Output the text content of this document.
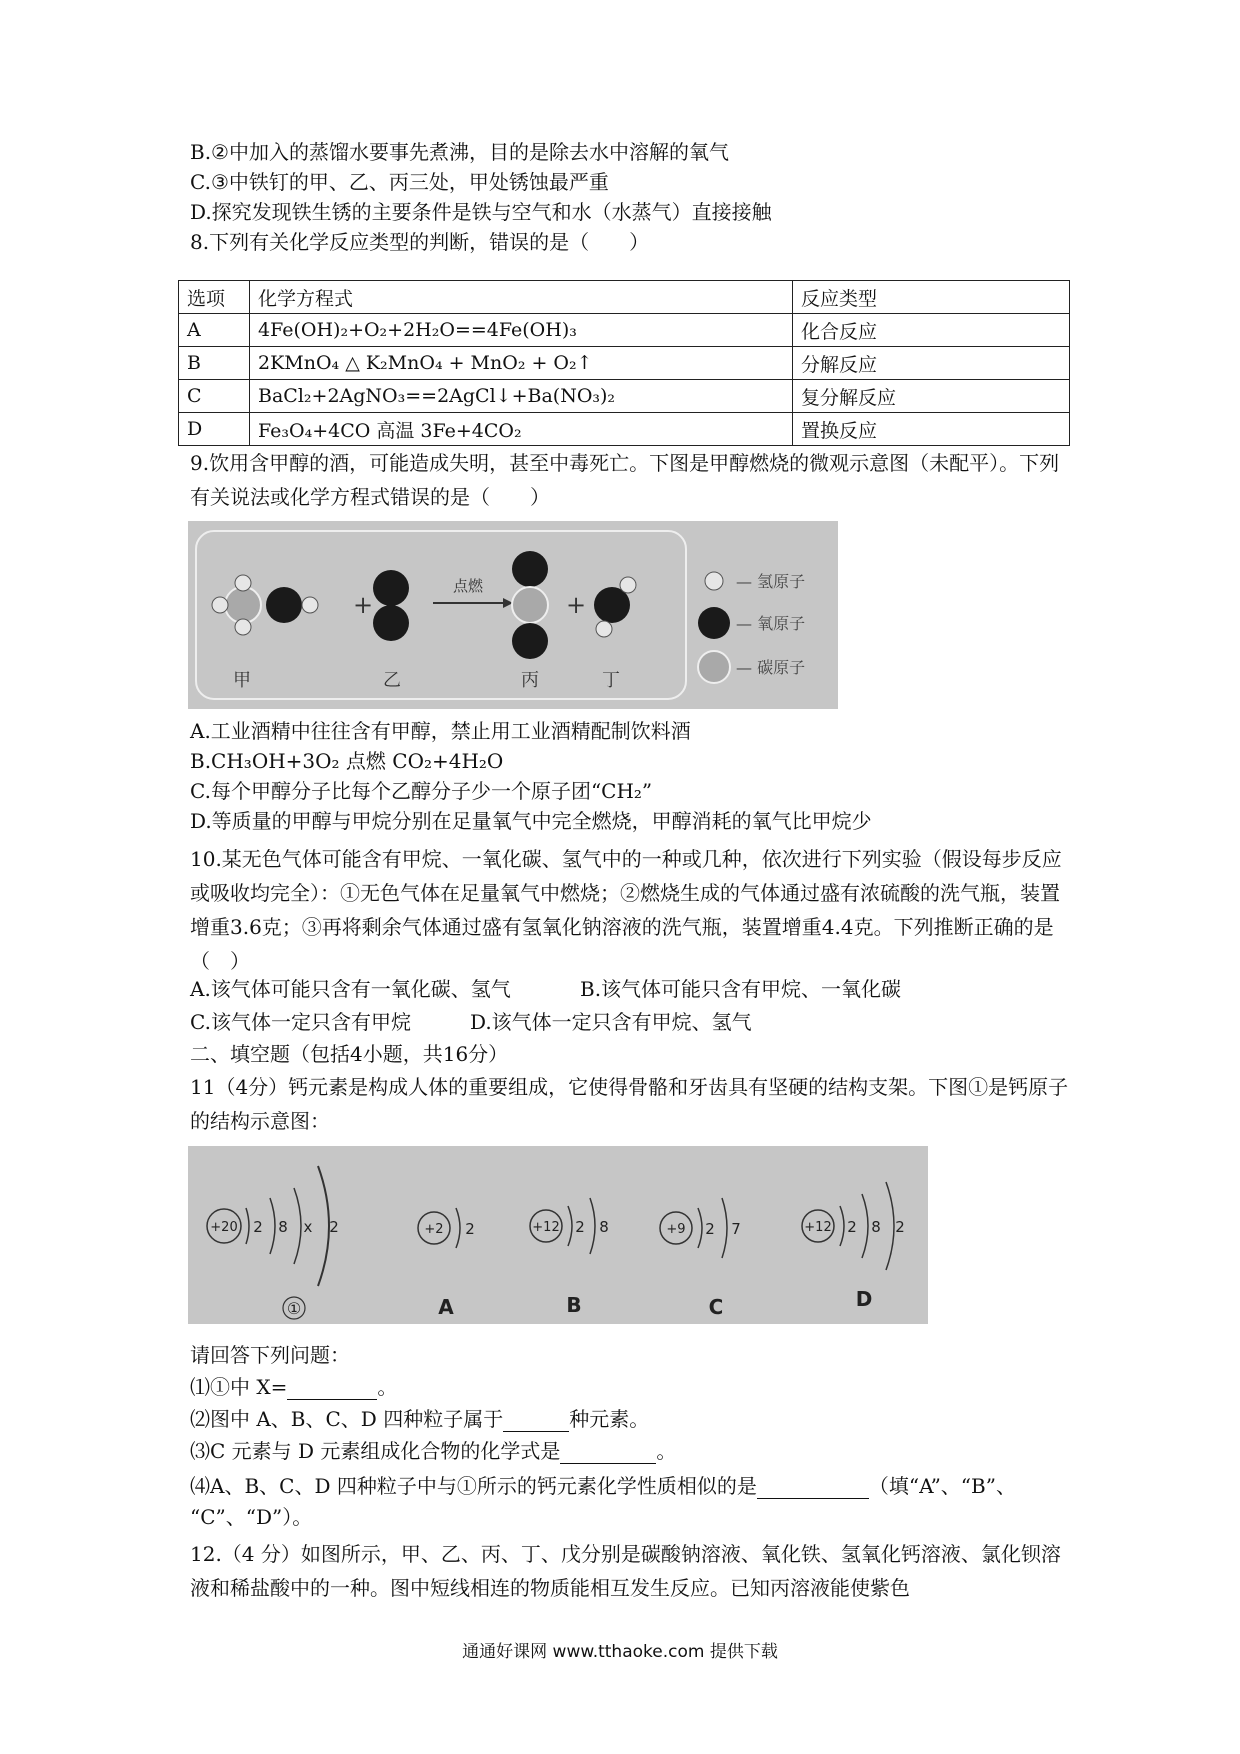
B.②中加入的蒸馏水要事先煮沸，目的是除去水中溶解的氧气
C.③中铁钉的甲、乙、丙三处，甲处锈蚀最严重
D.探究发现铁生锈的主要条件是铁与空气和水（水蒸气）直接接触
8.下列有关化学反应类型的判断，错误的是（　　）
选项	化学方程式	反应类型
A	4Fe(OH)₂+O₂+2H₂O==4Fe(OH)₃	化合反应
B	2KMnO₄ △ K₂MnO₄ + MnO₂ + O₂↑	分解反应
C	BaCl₂+2AgNO₃==2AgCl↓+Ba(NO₃)₂	复分解反应
D	Fe₃O₄+4CO 高温 3Fe+4CO₂	置换反应
9.饮用含甲醇的酒，可能造成失明，甚至中毒死亡。下图是甲醇燃烧的微观示意图（未配平）。下列有关说法或化学方程式错误的是（　　）
+
点燃
+
甲	乙	丙	丁
— 氢原子
— 氧原子
— 碳原子
A.工业酒精中往往含有甲醇，禁止用工业酒精配制饮料酒
B.CH₃OH+3O₂ 点燃 CO₂+4H₂O
C.每个甲醇分子比每个乙醇分子少一个原子团“CH₂”
D.等质量的甲醇与甲烷分别在足量氧气中完全燃烧，甲醇消耗的氧气比甲烷少
10.某无色气体可能含有甲烷、一氧化碳、氢气中的一种或几种，依次进行下列实验（假设每步反应或吸收均完全）：①无色气体在足量氧气中燃烧；②燃烧生成的气体通过盛有浓硫酸的洗气瓶，装置增重3.6克；③再将剩余气体通过盛有氢氧化钠溶液的洗气瓶，装置增重4.4克。下列推断正确的是（　）
A.该气体可能只含有一氧化碳、氢气	B.该气体可能只含有甲烷、一氧化碳
C.该气体一定只含有甲烷	D.该气体一定只含有甲烷、氢气
二、填空题（包括4小题，共16分）
11（4分）钙元素是构成人体的重要组成，它使得骨骼和牙齿具有坚硬的结构支架。下图①是钙原子的结构示意图：
+20 2 8 x 2
①
+2 2
A
+12 2 8
B
+9 2 7
C
+12 2 8 2
D
请回答下列问题：
⑴①中 X=	。
⑵图中 A、B、C、D 四种粒子属于	种元素。
⑶C 元素与 D 元素组成化合物的化学式是	。
⑷A、B、C、D 四种粒子中与①所示的钙元素化学性质相似的是	（填“A”、“B”、
“C”、“D”）。
12.（4 分）如图所示，甲、乙、丙、丁、戊分别是碳酸钠溶液、氧化铁、氢氧化钙溶液、氯化钡溶液和稀盐酸中的一种。图中短线相连的物质能相互发生反应。已知丙溶液能使紫色
通通好课网 www.tthaoke.com 提供下载
